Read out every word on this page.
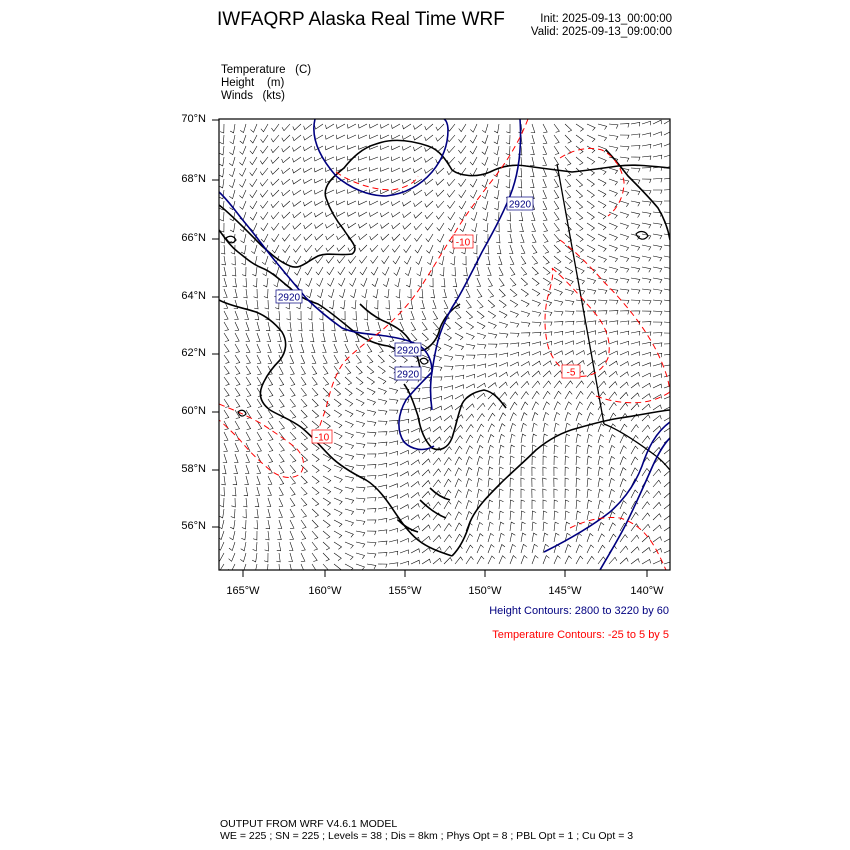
IWFAQRP Alaska Real Time WRF	Init: 2025-09-13_00:00:00
Valid: 2025-09-13_09:00:00
Temperature (C)
Height (m)
Winds (kts)
2920
2920
2920
2920
-10
-10
-5
70°N
68°N
66°N
64°N
62°N
60°N
58°N
56°N
165°W	160°W	155°W	150°W	145°W	140°W
Height Contours: 2800 to 3220 by 60
Temperature Contours: -25 to 5 by 5
OUTPUT FROM WRF V4.6.1 MODEL
WE = 225 ; SN = 225 ; Levels = 38 ; Dis = 8km ; Phys Opt = 8 ; PBL Opt = 1 ; Cu Opt = 3
